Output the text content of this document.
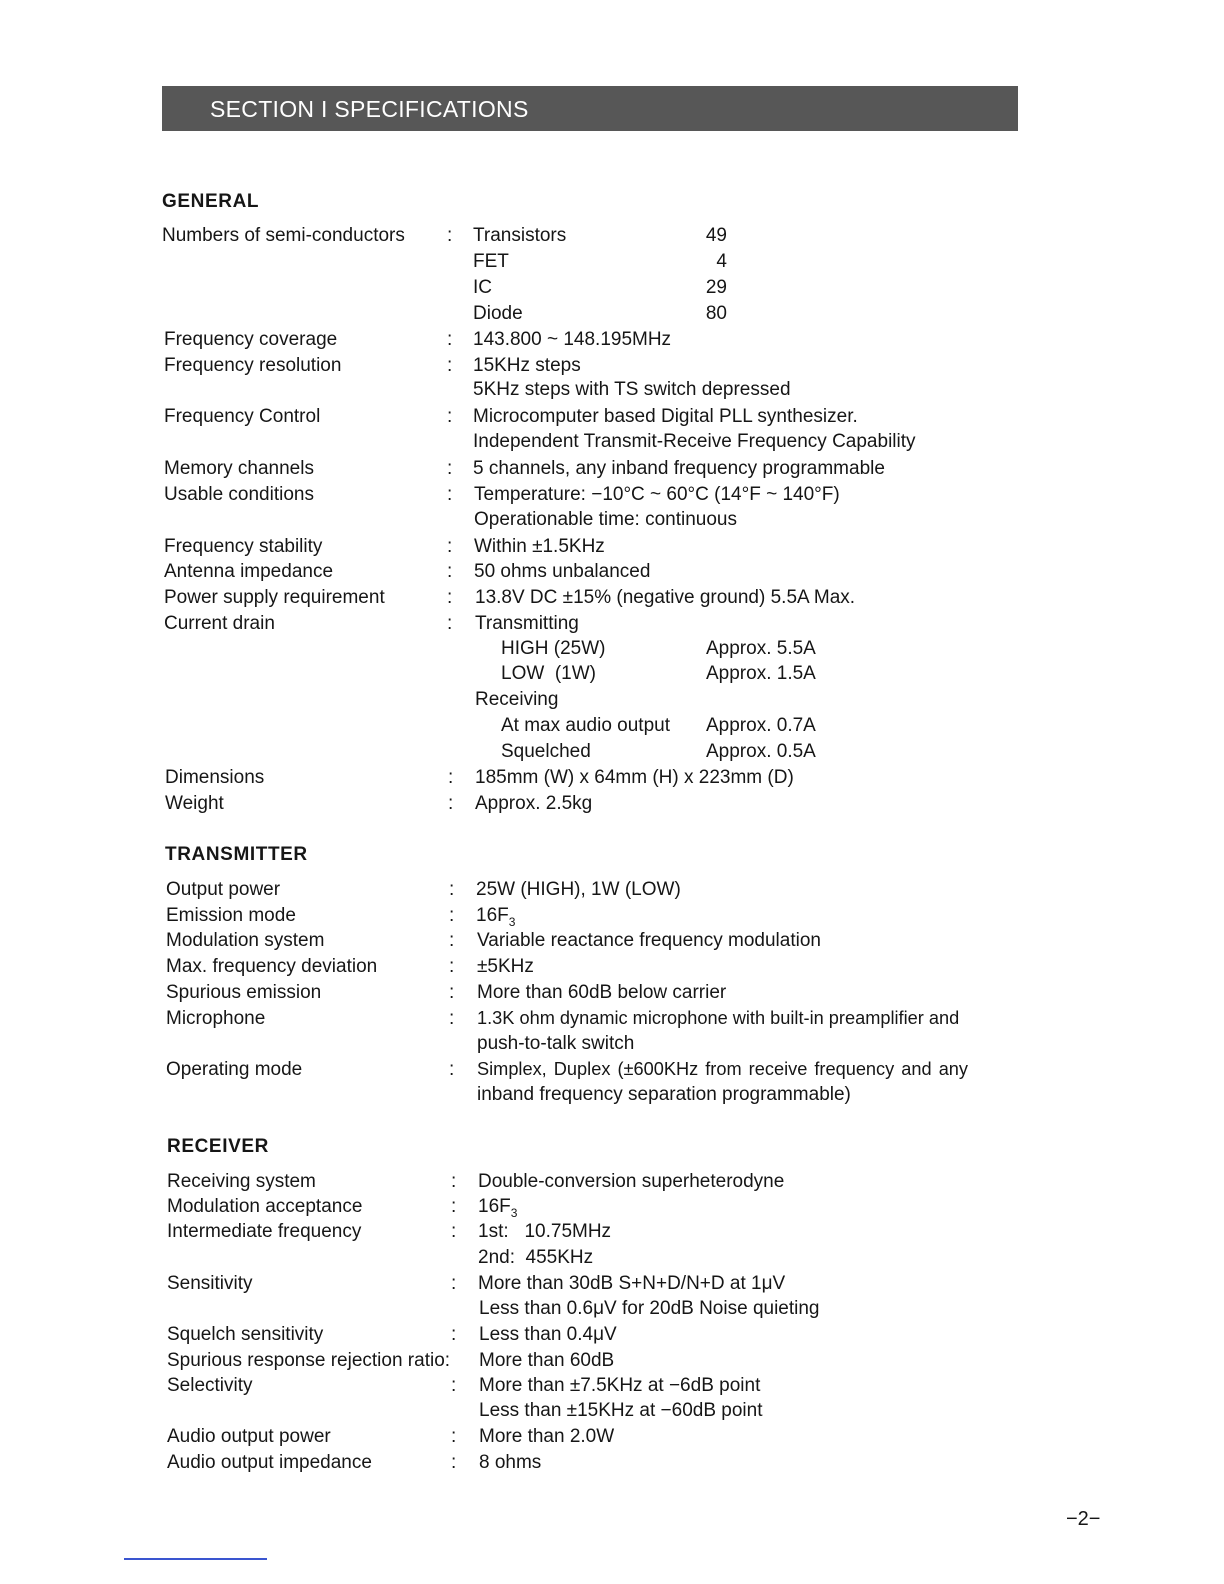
SECTION I SPECIFICATIONS
GENERAL
Numbers of semi-conductors : Transistors	49
FET	4
IC	29
Diode	80
Frequency coverage	: 143.800 ~ 148.195MHz
Frequency resolution	: 15KHz steps
5KHz steps with TS switch depressed
Frequency Control	: Microcomputer based Digital PLL synthesizer.
Independent Transmit-Receive Frequency Capability
Memory channels	: 5 channels, any inband frequency programmable
Usable conditions	: Temperature: −10°C ~ 60°C (14°F ~ 140°F)
Operationable time: continuous
Frequency stability	: Within ±1.5KHz
Antenna impedance	: 50 ohms unbalanced
Power supply requirement	: 13.8V DC ±15% (negative ground) 5.5A Max.
Current drain	: Transmitting
HIGH (25W)	Approx. 5.5A
LOW  (1W)	Approx. 1.5A
Receiving
At max audio output Approx. 0.7A
Squelched	Approx. 0.5A
Dimensions	: 185mm (W) x 64mm (H) x 223mm (D)
Weight	: Approx. 2.5kg
TRANSMITTER
Output power	: 25W (HIGH), 1W (LOW)
Emission mode	: $16F_3$
Modulation system	: Variable reactance frequency modulation
Max. frequency deviation	: ±5KHz
Spurious emission	: More than 60dB below carrier
Microphone	: 1.3K ohm dynamic microphone with built-in preamplifier and
push-to-talk switch
Operating mode	: Simplex, Duplex (±600KHz from receive frequency and any
inband frequency separation programmable)
RECEIVER
Receiving system	: Double-conversion superheterodyne
Modulation acceptance	: $16F_3$
Intermediate frequency	: 1st:   10.75MHz
2nd:  455KHz
Sensitivity	: More than 30dB S+N+D/N+D at 1μV
Less than 0.6μV for 20dB Noise quieting
Squelch sensitivity	: Less than 0.4μV
Spurious response rejection ratio: More than 60dB
Selectivity	: More than ±7.5KHz at −6dB point
Less than ±15KHz at −60dB point
Audio output power	: More than 2.0W
Audio output impedance	: 8 ohms
−2−
